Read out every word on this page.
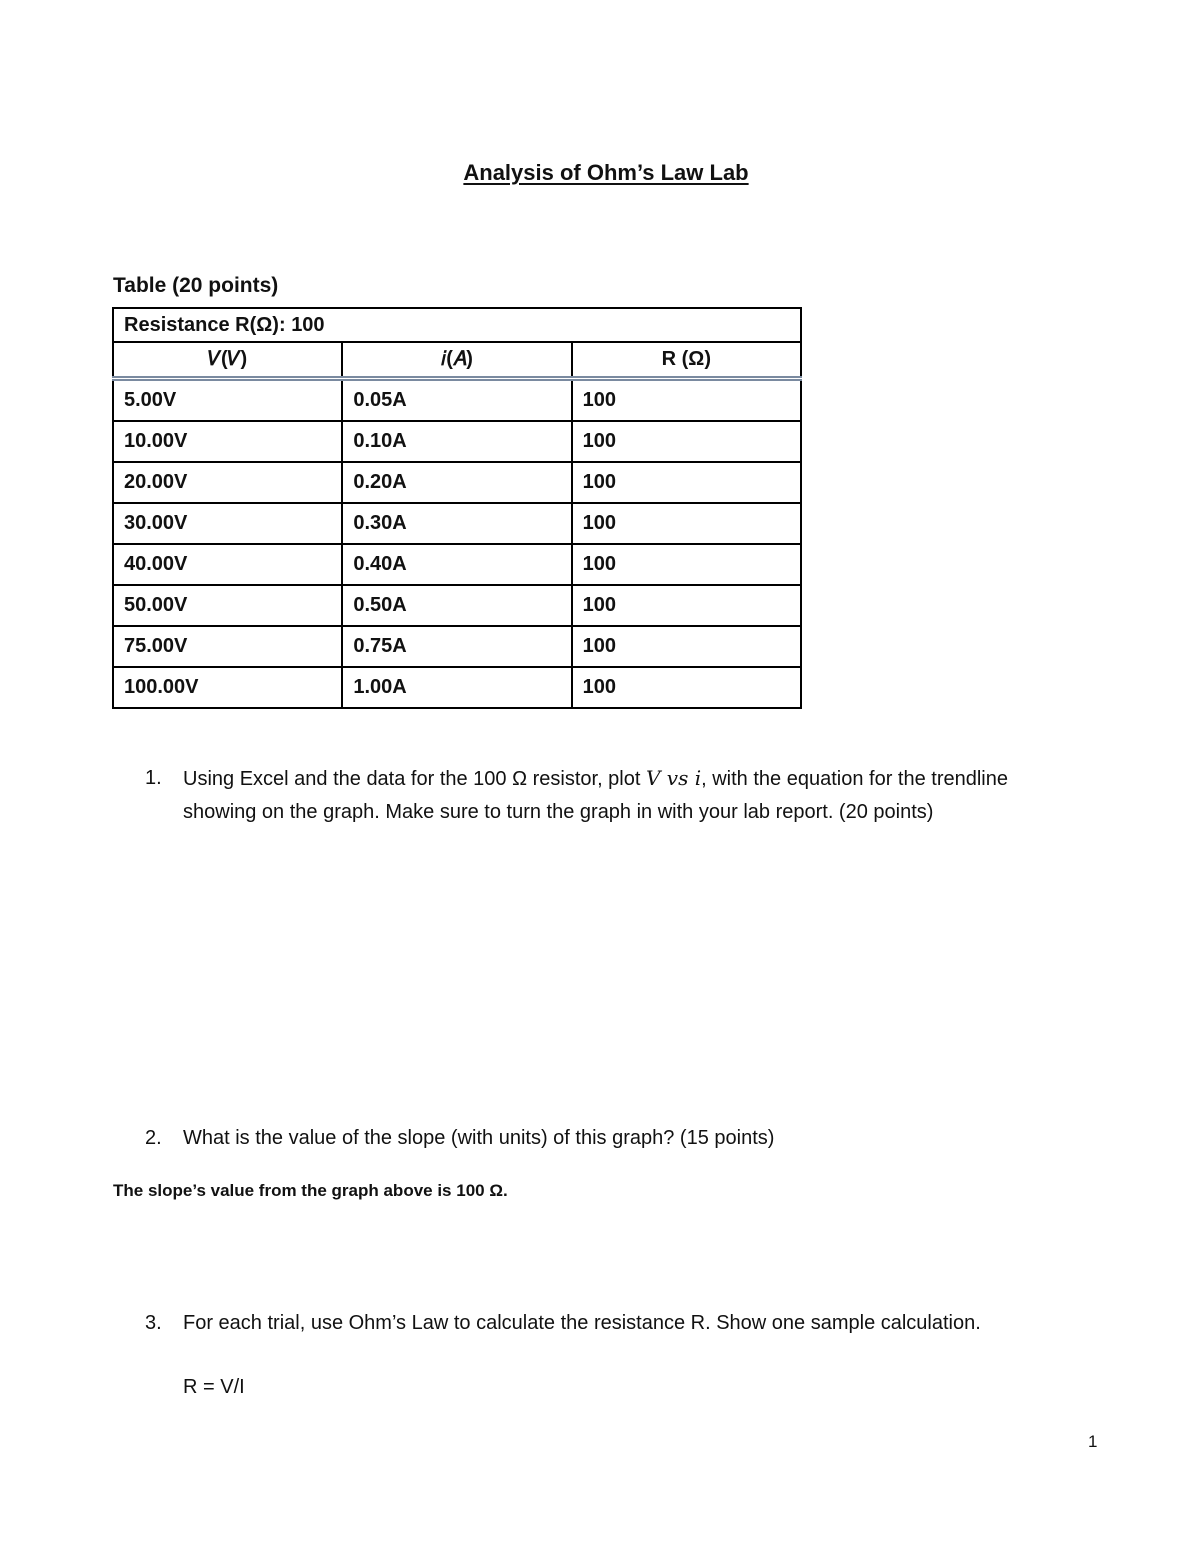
Analysis of Ohm’s Law Lab
Table (20 points)
Resistance R(Ω): 100		
𝑉(𝑉)	𝑖(𝐴)	R (Ω)
5.00V	0.05A	100
10.00V	0.10A	100
20.00V	0.20A	100
30.00V	0.30A	100
40.00V	0.40A	100
50.00V	0.50A	100
75.00V	0.75A	100
100.00V	1.00A	100
1.	Using Excel and the data for the 100 Ω resistor, plot V vs i, with the equation for the trendline
showing on the graph. Make sure to turn the graph in with your lab report. (20 points)
2.	What is the value of the slope (with units) of this graph? (15 points)
The slope’s value from the graph above is 100 Ω.
3.	For each trial, use Ohm’s Law to calculate the resistance R. Show one sample calculation.
R = V/I
1
